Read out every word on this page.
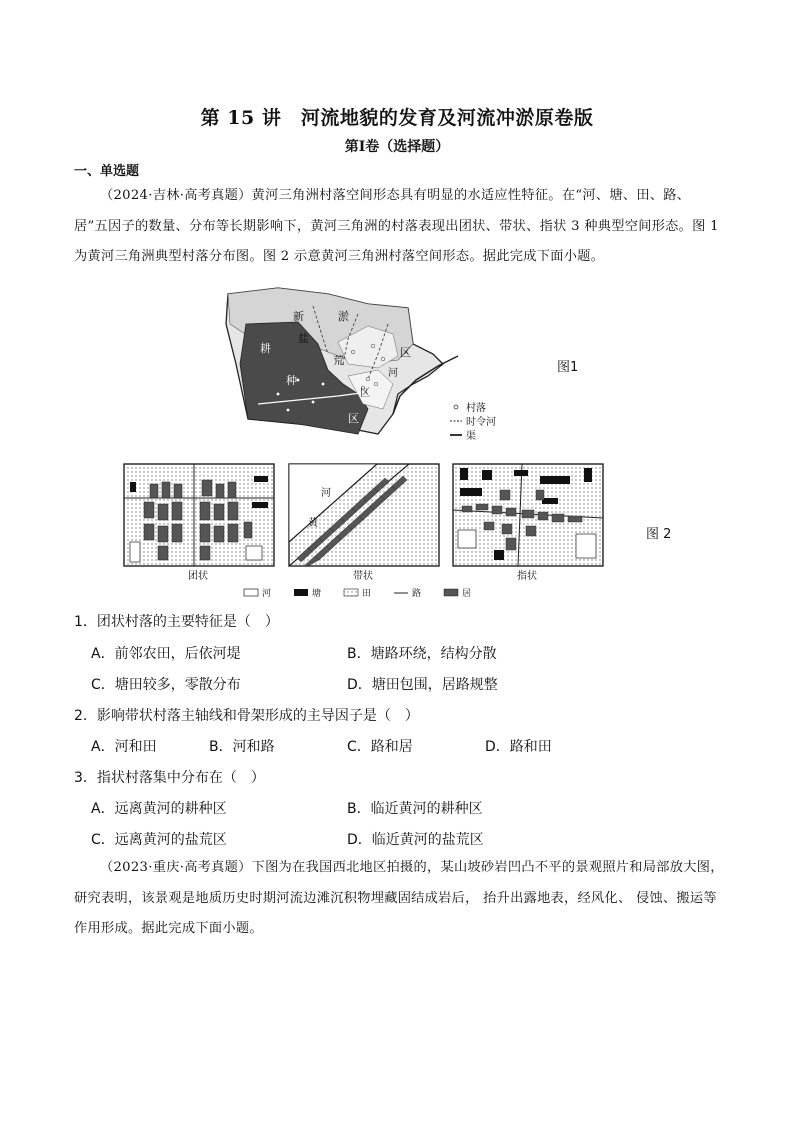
第 15 讲　河流地貌的发育及河流冲淤原卷版
第Ⅰ卷（选择题）
一、单选题
（2024·吉林·高考真题）黄河三角洲村落空间形态具有明显的水适应性特征。在“河、塘、田、路、居”五因子的数量、分布等长期影响下，黄河三角洲的村落表现出团状、带状、指状 3 种典型空间形态。图 1 为黄河三角洲典型村落分布图。图 2 示意黄河三角洲村落空间形态。据此完成下面小题。
新	淤
盐
荒
区
耕
种
区
河
区
村落
时令河
渠
图1
河
黄
团状	带状	指状
河	塘	田	路	居
图 2
1．团状村落的主要特征是（　）
A．前邻农田，后依河堤	B．塘路环绕，结构分散
C．塘田较多，零散分布	D．塘田包围，居路规整
2．影响带状村落主轴线和骨架形成的主导因子是（　）
A．河和田	B．河和路	C．路和居	D．路和田
3．指状村落集中分布在（　）
A．远离黄河的耕种区	B．临近黄河的耕种区
C．远离黄河的盐荒区	D．临近黄河的盐荒区
（2023·重庆·高考真题）下图为在我国西北地区拍摄的，某山坡砂岩凹凸不平的景观照片和局部放大图，研究表明，该景观是地质历史时期河流边滩沉积物埋藏固结成岩后， 抬升出露地表，经风化、 侵蚀、搬运等作用形成。据此完成下面小题。
